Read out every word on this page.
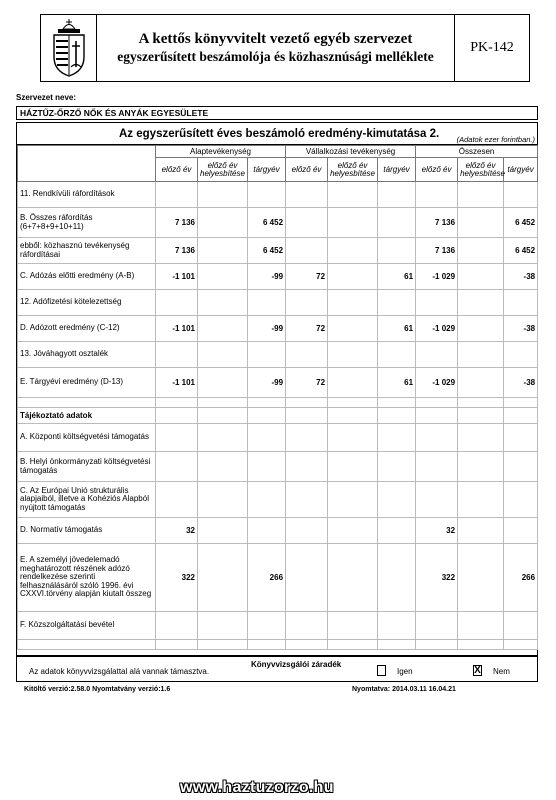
A kettős könyvvitelt vezető egyéb szervezet
egyszerűsített beszámolója és közhasznúsági melléklete
PK-142
Szervezet neve:
HÁZTŰZ-ŐRZŐ NŐK ÉS ANYÁK EGYESÜLETE
Az egyszerűsített éves beszámoló eredmény-kimutatása 2. (Adatok ezer forintban.)
	Alaptevékenység			Vállalkozási tevékenység			Összesen		
	előző év	előző év helyesbítése	tárgyév	előző év	előző év helyesbítése	tárgyév	előző év	előző év helyesbítése	tárgyév
11. Rendkívüli ráfordítások									
B. Összes ráfordítás (6+7+8+9+10+11)	7 136		6 452				7 136		6 452
ebből: közhasznú tevékenység ráfordításai	7 136		6 452				7 136		6 452
C. Adózás előtti eredmény (A-B)	-1 101		-99	72		61	-1 029		-38
12. Adófizetési kötelezettség									
D. Adózott eredmény (C-12)	-1 101		-99	72		61	-1 029		-38
13. Jóváhagyott osztalék									
E. Tárgyévi eredmény (D-13)	-1 101		-99	72		61	-1 029		-38

Tájékoztató adatok									
A. Központi költségvetési támogatás									
B. Helyi önkormányzati költségvetési támogatás									
C. Az Európai Unió strukturális alapjaiból, illetve a Kohéziós Alapból nyújtott támogatás									
D. Normatív támogatás	32						32		
E. A személyi jövedelemadó meghatározott részének adózó rendelkezése szerinti felhasználásáról szóló 1996. évi CXXVI.törvény alapján kiutalt összeg	322		266				322		266
F. Közszolgáltatási bevétel									

Az adatok könyvvizsgálattal alá vannak támasztva.
Könyvvizsgálói záradék
Igen	X Nem
Kitöltő verzió:2.58.0 Nyomtatvány verzió:1.6	Nyomtatva: 2014.03.11 16.04.21
www.haztuzorzo.hu
